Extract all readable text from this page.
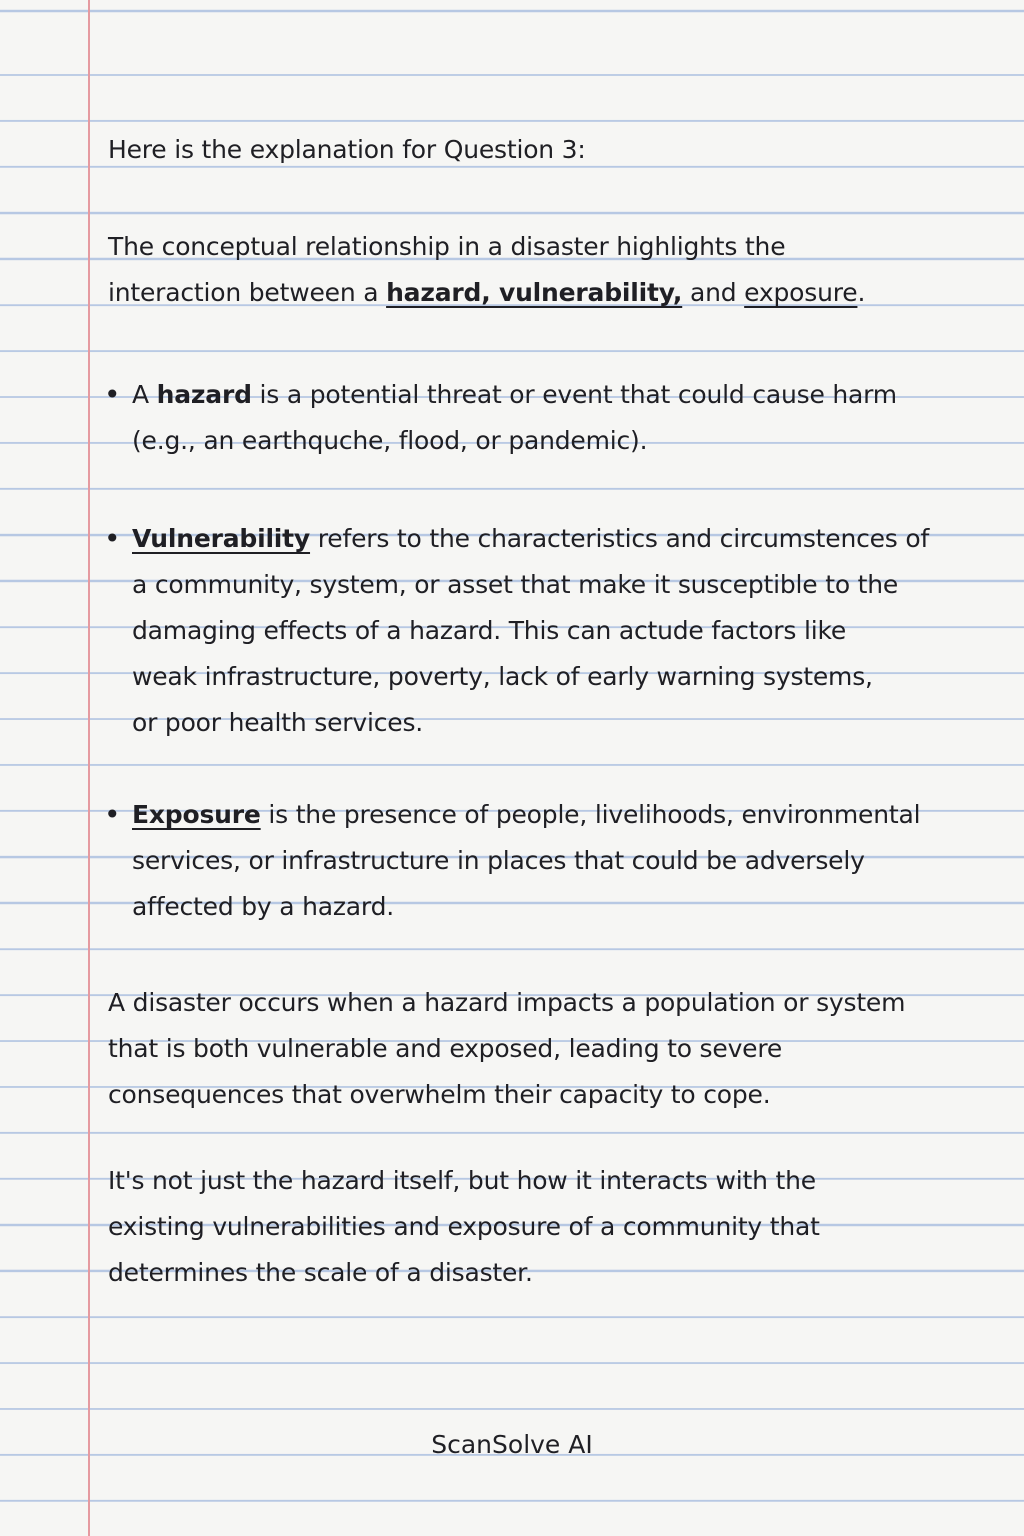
Here is the explanation for Question 3:
The conceptual relationship in a disaster highlights the
interaction between a hazard, vulnerability, and exposure.
• A hazard is a potential threat or event that could cause harm
(e.g., an earthquche, flood, or pandemic).
• Vulnerability refers to the characteristics and circumstences of
a community, system, or asset that make it susceptible to the
damaging effects of a hazard. This can actude factors like
weak infrastructure, poverty, lack of early warning systems,
or poor health services.
• Exposure is the presence of people, livelihoods, environmental
services, or infrastructure in places that could be adversely
affected by a hazard.
A disaster occurs when a hazard impacts a population or system
that is both vulnerable and exposed, leading to severe
consequences that overwhelm their capacity to cope.
It's not just the hazard itself, but how it interacts with the
existing vulnerabilities and exposure of a community that
determines the scale of a disaster.
ScanSolve AI
